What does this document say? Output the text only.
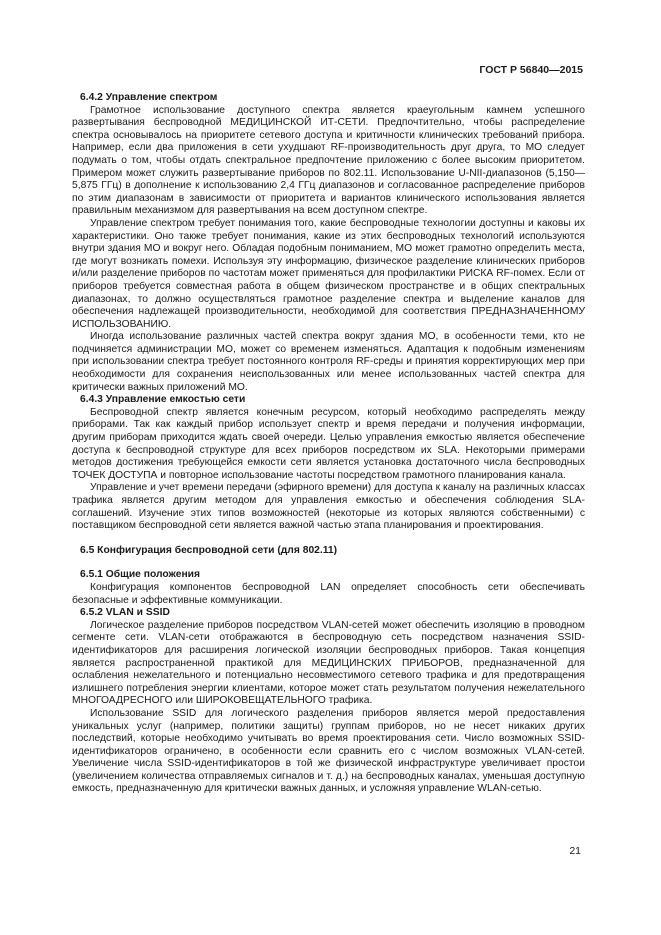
ГОСТ Р 56840—2015
6.4.2 Управление спектром
Грамотное использование доступного спектра является краеугольным камнем успешного развертывания беспроводной МЕДИЦИНСКОЙ ИТ-СЕТИ. Предпочтительно, чтобы распределение спектра основывалось на приоритете сетевого доступа и критичности клинических требований прибора. Например, если два приложения в сети ухудшают RF-производительность друг друга, то МО следует подумать о том, чтобы отдать спектральное предпочтение приложению с более высоким приоритетом. Примером может служить развертывание приборов по 802.11. Использование U-NII-диапазонов (5,150—5,875 ГГц) в дополнение к использованию 2,4 ГГц диапазонов и согласованное распределение приборов по этим диапазонам в зависимости от приоритета и вариантов клинического использования является правильным механизмом для развертывания на всем доступном спектре.
Управление спектром требует понимания того, какие беспроводные технологии доступны и каковы их характеристики. Оно также требует понимания, какие из этих беспроводных технологий используются внутри здания МО и вокруг него. Обладая подобным пониманием, МО может грамотно определить места, где могут возникать помехи. Используя эту информацию, физическое разделение клинических приборов и/или разделение приборов по частотам может применяться для профилактики РИСКА RF-помех. Если от приборов требуется совместная работа в общем физическом пространстве и в общих спектральных диапазонах, то должно осуществляться грамотное разделение спектра и выделение каналов для обеспечения надлежащей производительности, необходимой для соответствия ПРЕДНАЗНАЧЕННОМУ ИСПОЛЬЗОВАНИЮ.
Иногда использование различных частей спектра вокруг здания МО, в особенности теми, кто не подчиняется администрации МО, может со временем изменяться. Адаптация к подобным изменениям при использовании спектра требует постоянного контроля RF-среды и принятия корректирующих мер при необходимости для сохранения неиспользованных или менее использованных частей спектра для критически важных приложений МО.
6.4.3 Управление емкостью сети
Беспроводной спектр является конечным ресурсом, который необходимо распределять между приборами. Так как каждый прибор использует спектр и время передачи и получения информации, другим приборам приходится ждать своей очереди. Целью управления емкостью является обеспечение доступа к беспроводной структуре для всех приборов посредством их SLA. Некоторыми примерами методов достижения требующейся емкости сети является установка достаточного числа беспроводных ТОЧЕК ДОСТУПА и повторное использование частоты посредством грамотного планирования канала.
Управление и учет времени передачи (эфирного времени) для доступа к каналу на различных классах трафика является другим методом для управления емкостью и обеспечения соблюдения SLA-соглашений. Изучение этих типов возможностей (некоторые из которых являются собственными) с поставщиком беспроводной сети является важной частью этапа планирования и проектирования.
6.5 Конфигурация беспроводной сети (для 802.11)
6.5.1 Общие положения
Конфигурация компонентов беспроводной LAN определяет способность сети обеспечивать безопасные и эффективные коммуникации.
6.5.2 VLAN и SSID
Логическое разделение приборов посредством VLAN-сетей может обеспечить изоляцию в проводном сегменте сети. VLAN-сети отображаются в беспроводную сеть посредством назначения SSID-идентификаторов для расширения логической изоляции беспроводных приборов. Такая концепция является распространенной практикой для МЕДИЦИНСКИХ ПРИБОРОВ, предназначенной для ослабления нежелательного и потенциально несовместимого сетевого трафика и для предотвращения излишнего потребления энергии клиентами, которое может стать результатом получения нежелательного МНОГОАДРЕСНОГО или ШИРОКОВЕЩАТЕЛЬНОГО трафика.
Использование SSID для логического разделения приборов является мерой предоставления уникальных услуг (например, политики защиты) группам приборов, но не несет никаких других последствий, которые необходимо учитывать во время проектирования сети. Число возможных SSID-идентификаторов ограничено, в особенности если сравнить его с числом возможных VLAN-сетей. Увеличение числа SSID-идентификаторов в той же физической инфраструктуре увеличивает простои (увеличением количества отправляемых сигналов и т. д.) на беспроводных каналах, уменьшая доступную емкость, предназначенную для критически важных данных, и усложняя управление WLAN-сетью.
21
